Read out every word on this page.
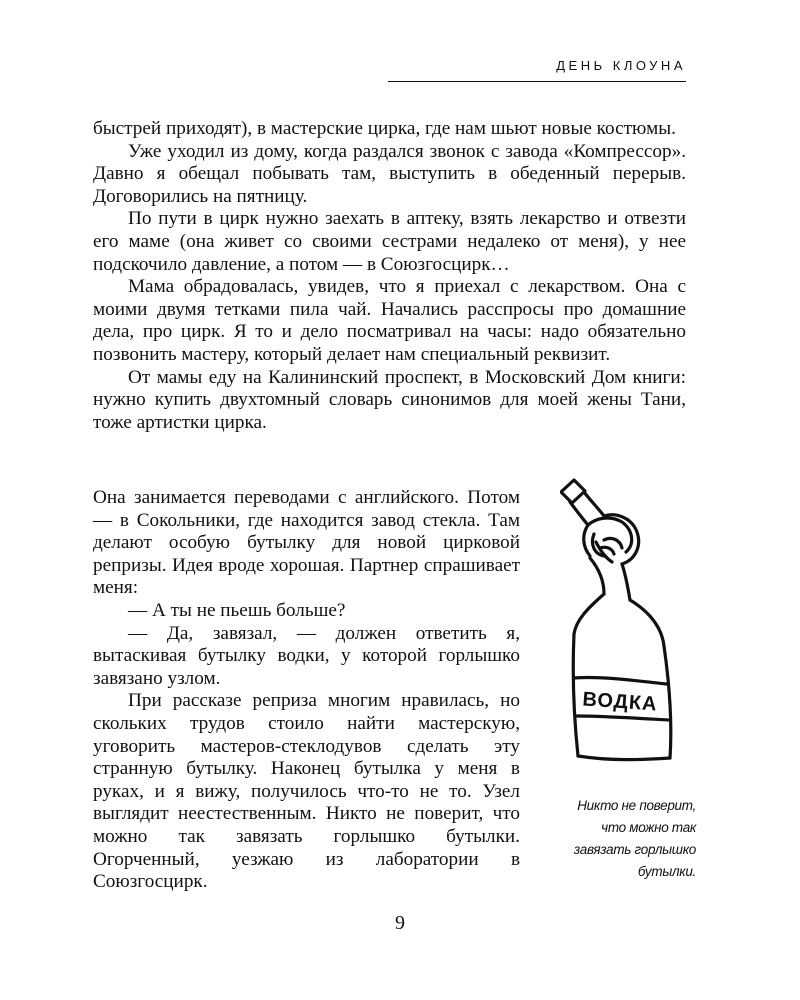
ДЕНЬ КЛОУНА

быстрей приходят), в мастерские цирка, где нам шьют новые костюмы.

Уже уходил из дому, когда раздался звонок с завода «Компрессор». Давно я обещал побывать там, выступить в обеденный перерыв. Договорились на пятницу.

По пути в цирк нужно заехать в аптеку, взять лекарство и отвезти его маме (она живет со своими сестрами недалеко от меня), у нее подскочило давление, а потом — в Союзгосцирк…

Мама обрадовалась, увидев, что я приехал с лекарством. Она с моими двумя тетками пила чай. Начались расспросы про домашние дела, про цирк. Я то и дело посматривал на часы: надо обязательно позвонить мастеру, который делает нам специальный реквизит.

От мамы еду на Калининский проспект, в Московский Дом книги: нужно купить двухтомный словарь синонимов для моей жены Тани, тоже артистки цирка.

Она занимается переводами с английского. Потом — в Сокольники, где находится завод стекла. Там делают особую бутылку для новой цирковой репризы. Идея вроде хорошая. Партнер спрашивает меня:

— А ты не пьешь больше?

— Да, завязал, — должен ответить я, вытаскивая бутылку водки, у которой горлышко завязано узлом.

При рассказе реприза многим нравилась, но скольких трудов стоило найти мастерскую, уговорить мастеров-стеклодувов сделать эту странную бутылку. Наконец бутылка у меня в руках, и я вижу, получилось что-то не то. Узел выглядит неестественным. Никто не поверит, что можно так завязать горлышко бутылки. Огорченный, уезжаю из лаборатории в Союзгосцирк.

ВОДКА
Никто не поверит,
что можно так
завязать горлышко
бутылки.
9
